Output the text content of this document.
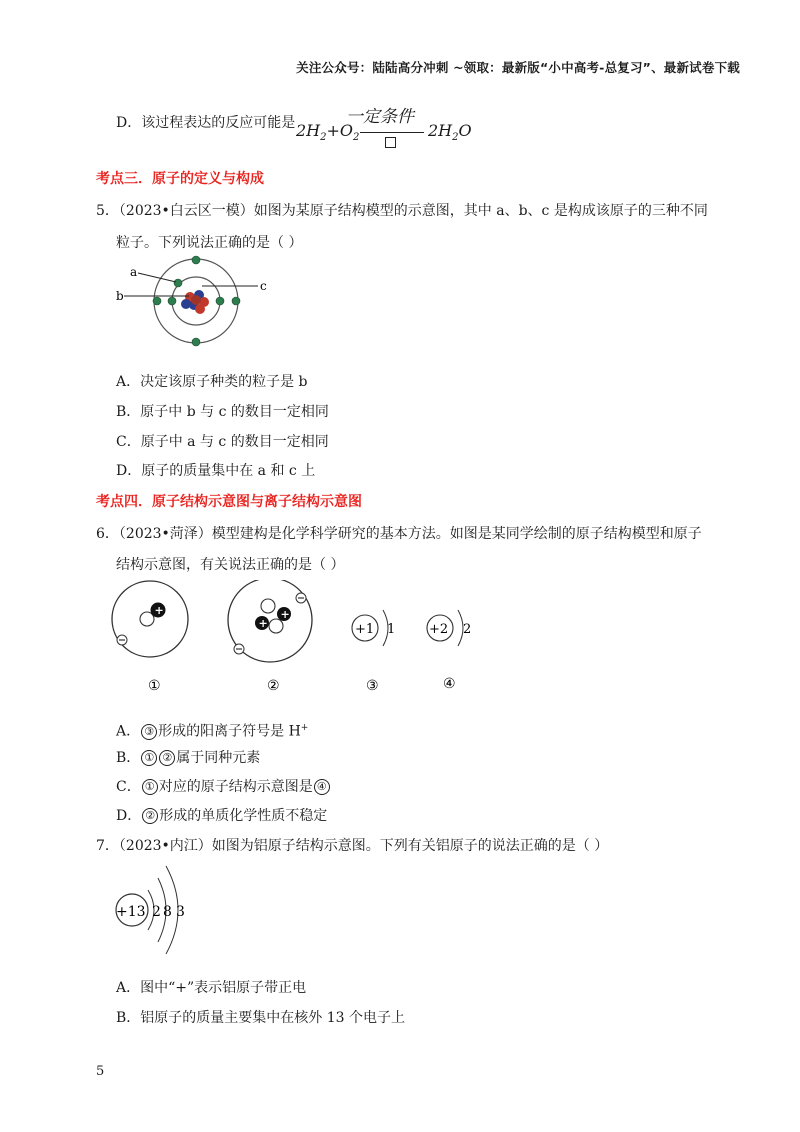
关注公众号：陆陆高分冲刺 ~领取：最新版“小中高考-总复习”、最新试卷下载
D．该过程表达的反应可能是	一定条件
$2H_2+O_2$	$2H_2O$
考点三．原子的定义与构成
5．（2023•白云区一模）如图为某原子结构模型的示意图，其中 a、b、c 是构成该原子的三种不同
粒子。下列说法正确的是（ ）
a
b
c
A．决定该原子种类的粒子是 b
B．原子中 b 与 c 的数目一定相同
C．原子中 a 与 c 的数目一定相同
D．原子的质量集中在 a 和 c 上
考点四．原子结构示意图与离子结构示意图
6．（2023•菏泽）模型建构是化学科学研究的基本方法。如图是某同学绘制的原子结构模型和原子
结构示意图，有关说法正确的是（ ）
+	+
+	+1 1	+2 2
①	②	③	④
A． ③ 形成的阳离子符号是 H+
B． ① ② 属于同种元素
C． ① 对应的原子结构示意图是 ④
D． ② 形成的单质化学性质不稳定
7．（2023•内江）如图为铝原子结构示意图。下列有关铝原子的说法正确的是（ ）
+13 2 8 3
A．图中“+”表示铝原子带正电
B．铝原子的质量主要集中在核外 13 个电子上
5
